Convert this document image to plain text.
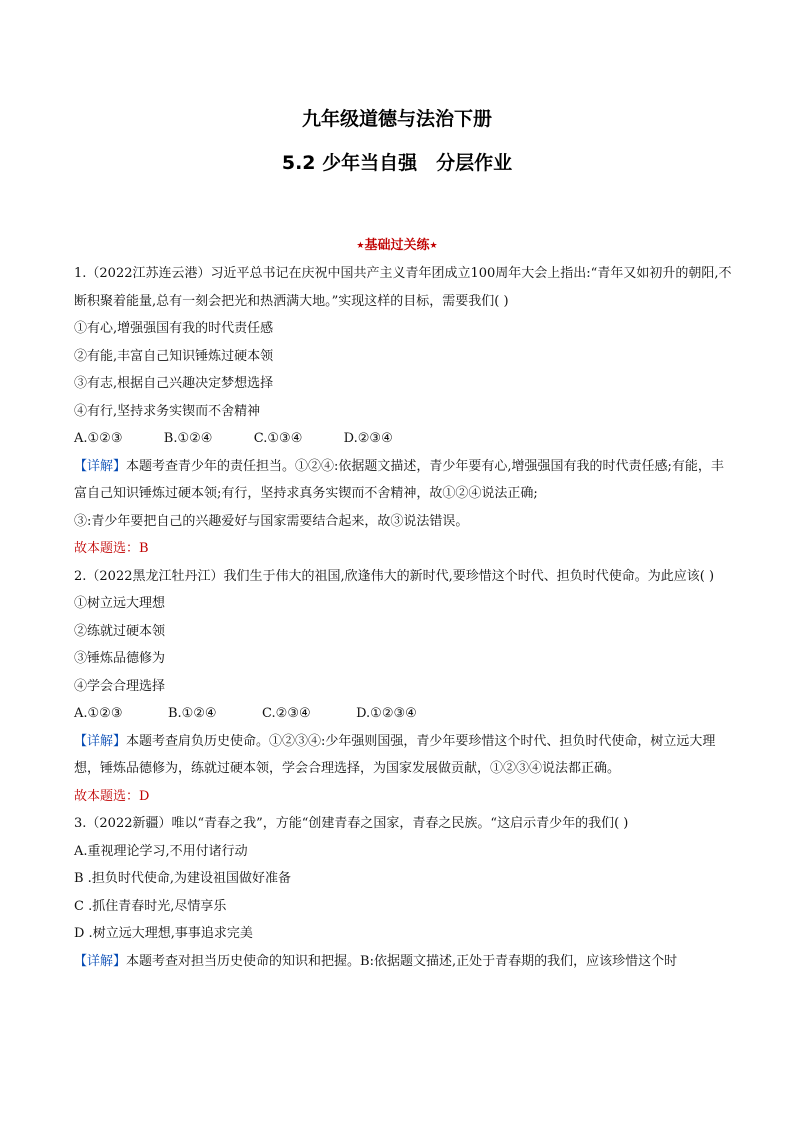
九年级道德与法治下册
5.2 少年当自强　分层作业
★基础过关练★

1.（2022江苏连云港）习近平总书记在庆祝中国共产主义青年团成立100周年大会上指出:“青年又如初升的朝阳,不断积聚着能量,总有一刻会把光和热洒满大地。”实现这样的目标，需要我们( )

①有心,增强强国有我的时代责任感

②有能,丰富自己知识锤炼过硬本领

③有志,根据自己兴趣决定梦想选择

④有行,坚持求务实锲而不舍精神

A.①②③          B.①②④          C.①③④          D.②③④

【详解】本题考查青少年的责任担当。①②④:依据题文描述，青少年要有心,增强强国有我的时代责任感;有能，丰富自己知识锤炼过硬本领;有行，坚持求真务实锲而不舍精神，故①②④说法正确;

③:青少年要把自己的兴趣爱好与国家需要结合起来，故③说法错误。

故本题选：B

2.（2022黑龙江牡丹江）我们生于伟大的祖国,欣逢伟大的新时代,要珍惜这个时代、担负时代使命。为此应该( )

①树立远大理想

②练就过硬本领

③锤炼品德修为

④学会合理选择

A.①②③           B.①②④           C.②③④           D.①②③④

【详解】本题考查肩负历史使命。①②③④:少年强则国强，青少年要珍惜这个时代、担负时代使命，树立远大理想，锤炼品德修为，练就过硬本领，学会合理选择，为国家发展做贡献，①②③④说法都正确。

故本题选：D

3.（2022新疆）唯以“青春之我”，方能“创建青春之国家，青春之民族。“这启示青少年的我们( )

A.重视理论学习,不用付诸行动

B .担负时代使命,为建设祖国做好准备

C .抓住青春时光,尽情享乐

D .树立远大理想,事事追求完美

【详解】本题考查对担当历史使命的知识和把握。B:依据题文描述,正处于青春期的我们，应该珍惜这个时
